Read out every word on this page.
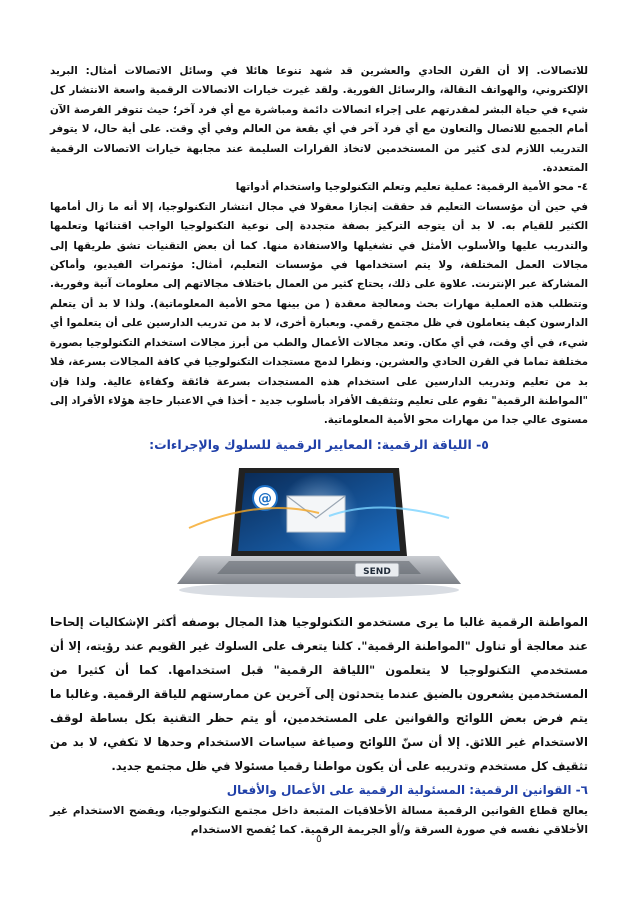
للاتصالات. إلا أن القرن الحادي والعشرين قد شهد تنوعا هائلا في وسائل الاتصالات أمثال: البريد الإلكتروني، والهواتف النقالة، والرسائل الفورية. ولقد غيرت خيارات الاتصالات الرقمية واسعة الانتشار كل شيء في حياة البشر لمقدرتهم على إجراء اتصالات دائمة ومباشرة مع أي فرد آخر؛ حيث تتوفر الفرصة الآن أمام الجميع للاتصال والتعاون مع أي فرد آخر في أي بقعة من العالم وفي أي وقت. على أية حال، لا يتوفر التدريب اللازم لدى كثير من المستخدمين لاتخاذ القرارات السليمة عند مجابهة خيارات الاتصالات الرقمية المتعددة.

٤- محو الأمية الرقمية: عملية تعليم وتعلم التكنولوجيا واستخدام أدواتها

في حين أن مؤسسات التعليم قد حققت إنجازا معقولا في مجال انتشار التكنولوجيا، إلا أنه ما زال أمامها الكثير للقيام به. لا بد أن يتوجه التركيز بصفة متجددة إلى نوعية التكنولوجيا الواجب اقتنائها وتعلمها والتدريب عليها والأسلوب الأمثل في تشغيلها والاستفادة منها. كما أن بعض التقنيات تشق طريقها إلى مجالات العمل المختلفة، ولا يتم استخدامها في مؤسسات التعليم، أمثال: مؤتمرات الفيديو، وأماكن المشاركة عبر الإنترنت. علاوة على ذلك، يحتاج كثير من العمال باختلاف مجالاتهم إلى معلومات آنية وفورية. وتتطلب هذه العملية مهارات بحث ومعالجة معقدة ( من بينها محو الأمية المعلوماتية). ولذا لا بد أن يتعلم الدارسون كيف يتعاملون في ظل مجتمع رقمي. وبعبارة أخرى، لا بد من تدريب الدارسين على أن يتعلموا أي شيء، في أي وقت، في أي مكان. وتعد مجالات الأعمال والطب من أبرز مجالات استخدام التكنولوجيا بصورة مختلفة تماما في القرن الحادي والعشرين. ونظرا لدمج مستجدات التكنولوجيا في كافة المجالات بسرعة، فلا بد من تعليم وتدريب الدارسين على استخدام هذه المستجدات بسرعة فائقة وكفاءة عالية. ولذا فإن "المواطنة الرقمية" تقوم على تعليم وتثقيف الأفراد بأسلوب جديد - أخذا في الاعتبار حاجة هؤلاء الأفراد إلى مستوى عالي جدا من مهارات محو الأمية المعلوماتية.

٥- اللياقة الرقمية: المعايير الرقمية للسلوك والإجراءات:
@
SEND

المواطنة الرقمية غالبا ما يرى مستخدمو التكنولوجيا هذا المجال بوصفه أكثر الإشكاليات إلحاحا عند معالجة أو تناول "المواطنة الرقمية". كلنا يتعرف على السلوك غير القويم عند رؤيته، إلا أن مستخدمي التكنولوجيا لا يتعلمون "اللياقة الرقمية" قبل استخدامها. كما أن كثيرا من المستخدمين يشعرون بالضيق عندما يتحدثون إلى آخرين عن ممارستهم للياقة الرقمية. وغالبا ما يتم فرض بعض اللوائح والقوانين على المستخدمين، أو يتم حظر التقنية بكل بساطة لوقف الاستخدام غير اللائق. إلا أن سنّ اللوائح وصياغة سياسات الاستخدام وحدها لا تكفي، لا بد من تثقيف كل مستخدم وتدريبه على أن يكون مواطنا رقميا مسئولا في ظل مجتمع جديد.

٦- القوانين الرقمية: المسئولية الرقمية على الأعمال والأفعال

يعالج قطاع القوانين الرقمية مسالة الأخلاقيات المتبعة داخل مجتمع التكنولوجيا، ويفضح الاستخدام غير الأخلاقي نفسه في صورة السرقة و/أو الجريمة الرقمية. كما يُفصح الاستخدام

٥
